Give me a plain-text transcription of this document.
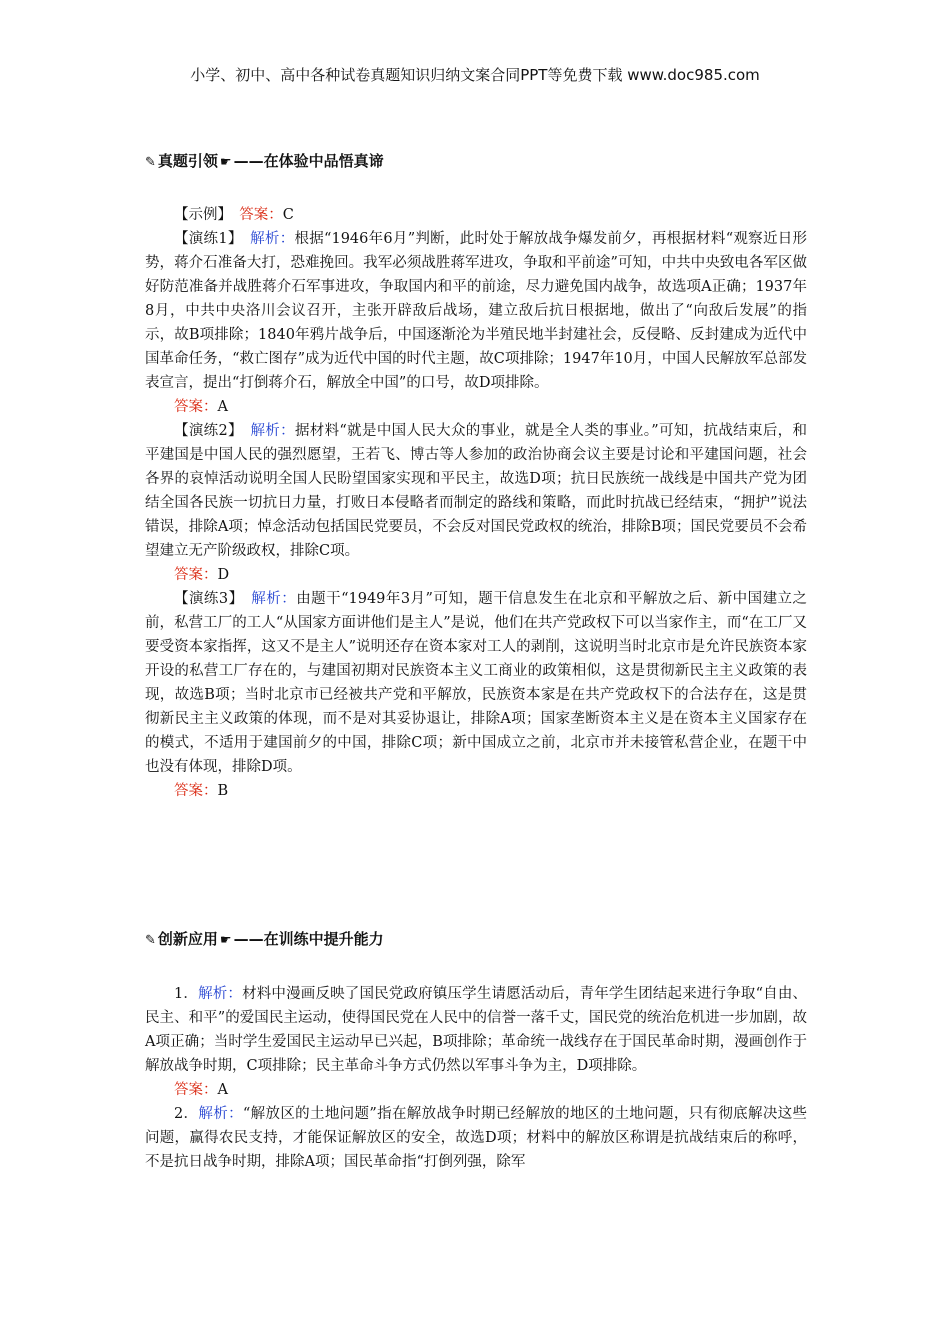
小学、初中、高中各种试卷真题知识归纳文案合同PPT等免费下载 www.doc985.com
✎ 真题引领 ☛ ——在体验中品悟真谛

【示例】　 答案：C

【演练1】　 解析：根据“1946年6月”判断，此时处于解放战争爆发前夕，再根据材料“观察近日形势，蒋介石准备大打，恐难挽回。我军必须战胜蒋军进攻，争取和平前途”可知，中共中央致电各军区做好防范准备并战胜蒋介石军事进攻，争取国内和平的前途，尽力避免国内战争，故选项A正确；1937年8月，中共中央洛川会议召开，主张开辟敌后战场，建立敌后抗日根据地，做出了“向敌后发展”的指示，故B项排除；1840年鸦片战争后，中国逐渐沦为半殖民地半封建社会，反侵略、反封建成为近代中国革命任务，“救亡图存”成为近代中国的时代主题，故C项排除；1947年10月，中国人民解放军总部发表宣言，提出“打倒蒋介石，解放全中国”的口号，故D项排除。

答案：A

【演练2】　 解析：据材料“就是中国人民大众的事业，就是全人类的事业。”可知，抗战结束后，和平建国是中国人民的强烈愿望，王若飞、博古等人参加的政治协商会议主要是讨论和平建国问题，社会各界的哀悼活动说明全国人民盼望国家实现和平民主，故选D项；抗日民族统一战线是中国共产党为团结全国各民族一切抗日力量，打败日本侵略者而制定的路线和策略，而此时抗战已经结束，“拥护”说法错误，排除A项；悼念活动包括国民党要员，不会反对国民党政权的统治，排除B项；国民党要员不会希望建立无产阶级政权，排除C项。

答案：D

【演练3】　 解析：由题干“1949年3月”可知，题干信息发生在北京和平解放之后、新中国建立之前，私营工厂的工人“从国家方面讲他们是主人”是说，他们在共产党政权下可以当家作主，而“在工厂又要受资本家指挥，这又不是主人”说明还存在资本家对工人的剥削，这说明当时北京市是允许民族资本家开设的私营工厂存在的，与建国初期对民族资本主义工商业的政策相似，这是贯彻新民主主义政策的表现，故选B项；当时北京市已经被共产党和平解放，民族资本家是在共产党政权下的合法存在，这是贯彻新民主主义政策的体现，而不是对其妥协退让，排除A项；国家垄断资本主义是在资本主义国家存在的模式，不适用于建国前夕的中国，排除C项；新中国成立之前，北京市并未接管私营企业，在题干中也没有体现，排除D项。

答案：B

✎ 创新应用 ☛ ——在训练中提升能力

1．解析：材料中漫画反映了国民党政府镇压学生请愿活动后，青年学生团结起来进行争取“自由、民主、和平”的爱国民主运动，使得国民党在人民中的信誉一落千丈，国民党的统治危机进一步加剧，故A项正确；当时学生爱国民主运动早已兴起，B项排除；革命统一战线存在于国民革命时期，漫画创作于解放战争时期，C项排除；民主革命斗争方式仍然以军事斗争为主，D项排除。

答案：A

2．解析：“解放区的土地问题”指在解放战争时期已经解放的地区的土地问题，只有彻底解决这些问题，赢得农民支持，才能保证解放区的安全，故选D项；材料中的解放区称谓是抗战结束后的称呼，不是抗日战争时期，排除A项；国民革命指“打倒列强，除军
